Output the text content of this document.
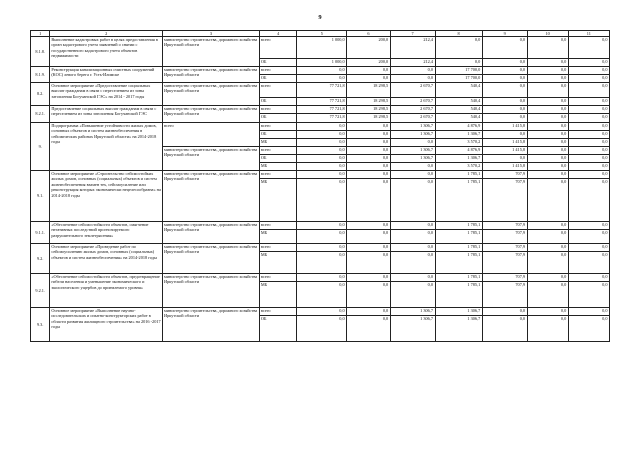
9
1	2	3	4	5	6	7	8	9	10	11
8.1.8.	Выполнение кадастровых работ в целях предоставления в орган кадастрового учета заявлений о снятии с государственного кадастрового учета объектов недвижимости	министерство строительства, дорожного хозяйства Иркутской области	всего	1 000,0	200,0	212,4	0,0	0,0	0,0	0,0
			ОБ	1 000,0	200,0	212,4	0,0	0,0	0,0	0,0
8.1.9.	Реконструкция канализационных очистных сооружений (КОС) левого берега г. Усть-Илимске	министерство строительства, дорожного хозяйства Иркутской области	всего	0,0	0,0	0,0	17 700,0	0,0	0,0	0,0
			ОБ	0,0	0,0	0,0	17 700,0	0,0	0,0	0,0
8.2.	Основное мероприятие «Предоставление социальных выплат гражданам в связи с переселением из зоны затопления Богучанской ГЭС» на 2014 - 2017 годы	министерство строительства, дорожного хозяйства Иркутской области	всего	77 721,8	18 298,5	2 670,7	540,4	0,0	0,0	0,0
			ОБ	77 721,8	18 298,5	2 670,7	540,4	0,0	0,0	0,0
8.2.1.	Предоставление социальных выплат гражданам в связи с переселением из зоны затопления Богучанской ГЭС	министерство строительства, дорожного хозяйства Иркутской области	всего	77 721,8	18 298,5	2 670,7	540,4	0,0	0,0	0,0
			ОБ	77 721,8	18 298,5	2 670,7	540,4	0,0	0,0	0,0
9.	Подпрограмма «Повышение устойчивости жилых домов, основных объектов и систем жизнеобеспечения в сейсмических районах Иркутской области» на 2014-2018 годы	всего	всего	0,0	0,0	1 306,7	4 876,9	1 415,8	0,0	0,0
			ОБ	0,0	0,0	1 306,7	1 306,7	0,0	0,0	0,0
			МБ	0,0	0,0	0,0	3 570,2	1 415,8	0,0	0,0
		министерство строительства, дорожного хозяйства Иркутской области	всего	0,0	0,0	1 306,7	4 876,9	1 415,8	0,0	0,0
			ОБ	0,0	0,0	1 306,7	1 306,7	0,0	0,0	0,0
			МБ	0,0	0,0	0,0	3 570,2	1 415,8	0,0	0,0
9.1.	Основное мероприятие «Строительство сейсмостойких жилых домов, основных (социальных) объектов и систем жизнеобеспечения взамен тех, сейсмоусиление или реконструкция которых экономически нецелесообразна» на 2014-2018 годы	министерство строительства, дорожного хозяйства Иркутской области	всего	0,0	0,0	0,0	1 785,1	707,9	0,0	0,0
			МБ	0,0	0,0	0,0	1 785,1	707,9	0,0	0,0
9.1.1.	«Обеспечение сейсмостойкости объектов, смягчение негативных последствий прогнозируемого разрушительного землетрясения»	министерство строительства, дорожного хозяйства Иркутской области	всего	0,0	0,0	0,0	1 785,1	707,9	0,0	0,0
			МБ	0,0	0,0	0,0	1 785,1	707,9	0,0	0,0
9.2.	Основное мероприятие «Проведение работ по сейсмоусилению жилых домов, основных (социальных) объектов и систем жизнеобеспечения» на 2014-2018 годы	министерство строительства, дорожного хозяйства Иркутской области	всего	0,0	0,0	0,0	1 785,1	707,9	0,0	0,0
			МБ	0,0	0,0	0,0	1 785,1	707,9	0,0	0,0
9.2.1.	«Обеспечение сейсмостойкости объектов, предотвращение гибели населения и уменьшение экономического и экологического ущербов до приемлемого уровня»	министерство строительства, дорожного хозяйства Иркутской области	всего	0,0	0,0	0,0	1 785,1	707,9	0,0	0,0
			МБ	0,0	0,0	0,0	1 785,1	707,9	0,0	0,0
9.3.	Основное мероприятие «Выполнение научно-исследовательских и опытно-конструкторских работ в области развития жилищного строительства» на 2016 -2017 годы	министерство строительства, дорожного хозяйства Иркутской области	всего	0,0	0,0	1 306,7	1 306,7	0,0	0,0	0,0
			ОБ	0,0	0,0	1 306,7	1 306,7	0,0	0,0	0,0
